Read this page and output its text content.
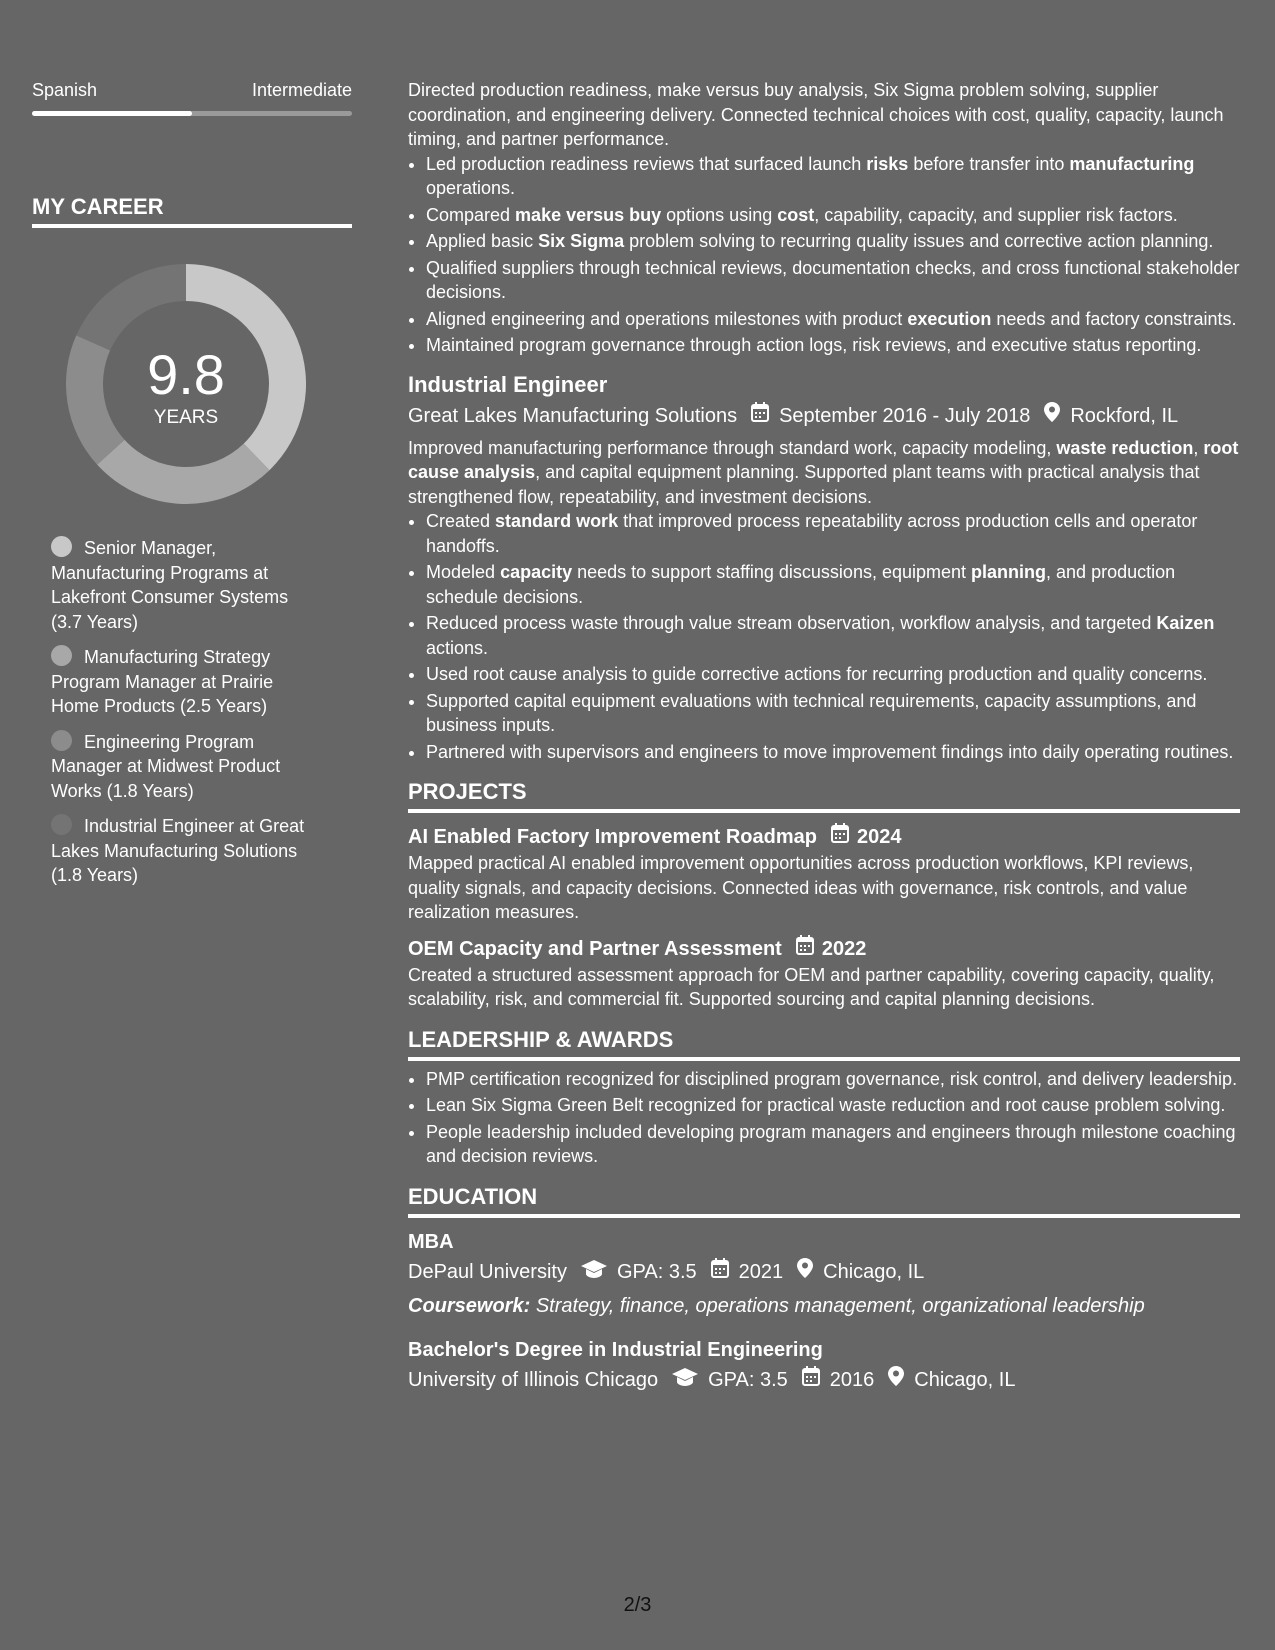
Spanish	Intermediate
MY CAREER
9.8
YEARS
Senior Manager, Manufacturing Programs at Lakefront Consumer Systems (3.7 Years)
Manufacturing Strategy Program Manager at Prairie Home Products (2.5 Years)
Engineering Program Manager at Midwest Product Works (1.8 Years)
Industrial Engineer at Great Lakes Manufacturing Solutions (1.8 Years)

Directed production readiness, make versus buy analysis, Six Sigma problem solving, supplier coordination, and engineering delivery. Connected technical choices with cost, quality, capacity, launch timing, and partner performance.

• Led production readiness reviews that surfaced launch risks before transfer into manufacturing operations.
• Compared make versus buy options using cost, capability, capacity, and supplier risk factors.
• Applied basic Six Sigma problem solving to recurring quality issues and corrective action planning.
• Qualified suppliers through technical reviews, documentation checks, and cross functional stakeholder decisions.
• Aligned engineering and operations milestones with product execution needs and factory constraints.
• Maintained program governance through action logs, risk reviews, and executive status reporting.
Industrial Engineer
Great Lakes Manufacturing Solutions September 2016 - July 2018 Rockford, IL

Improved manufacturing performance through standard work, capacity modeling, waste reduction, root cause analysis, and capital equipment planning. Supported plant teams with practical analysis that strengthened flow, repeatability, and investment decisions.

• Created standard work that improved process repeatability across production cells and operator handoffs.
• Modeled capacity needs to support staffing discussions, equipment planning, and production schedule decisions.
• Reduced process waste through value stream observation, workflow analysis, and targeted Kaizen actions.
• Used root cause analysis to guide corrective actions for recurring production and quality concerns.
• Supported capital equipment evaluations with technical requirements, capacity assumptions, and business inputs.
• Partnered with supervisors and engineers to move improvement findings into daily operating routines.
PROJECTS
AI Enabled Factory Improvement Roadmap 2024

Mapped practical AI enabled improvement opportunities across production workflows, KPI reviews, quality signals, and capacity decisions. Connected ideas with governance, risk controls, and value realization measures.

OEM Capacity and Partner Assessment 2022

Created a structured assessment approach for OEM and partner capability, covering capacity, quality, scalability, risk, and commercial fit. Supported sourcing and capital planning decisions.

LEADERSHIP & AWARDS
• PMP certification recognized for disciplined program governance, risk control, and delivery leadership.
• Lean Six Sigma Green Belt recognized for practical waste reduction and root cause problem solving.
• People leadership included developing program managers and engineers through milestone coaching and decision reviews.
EDUCATION
MBA
DePaul University	GPA: 3.5 2021 Chicago, IL
Coursework: Strategy, finance, operations management, organizational leadership
Bachelor's Degree in Industrial Engineering
University of Illinois Chicago	GPA: 3.5 2016 Chicago, IL
2/3
